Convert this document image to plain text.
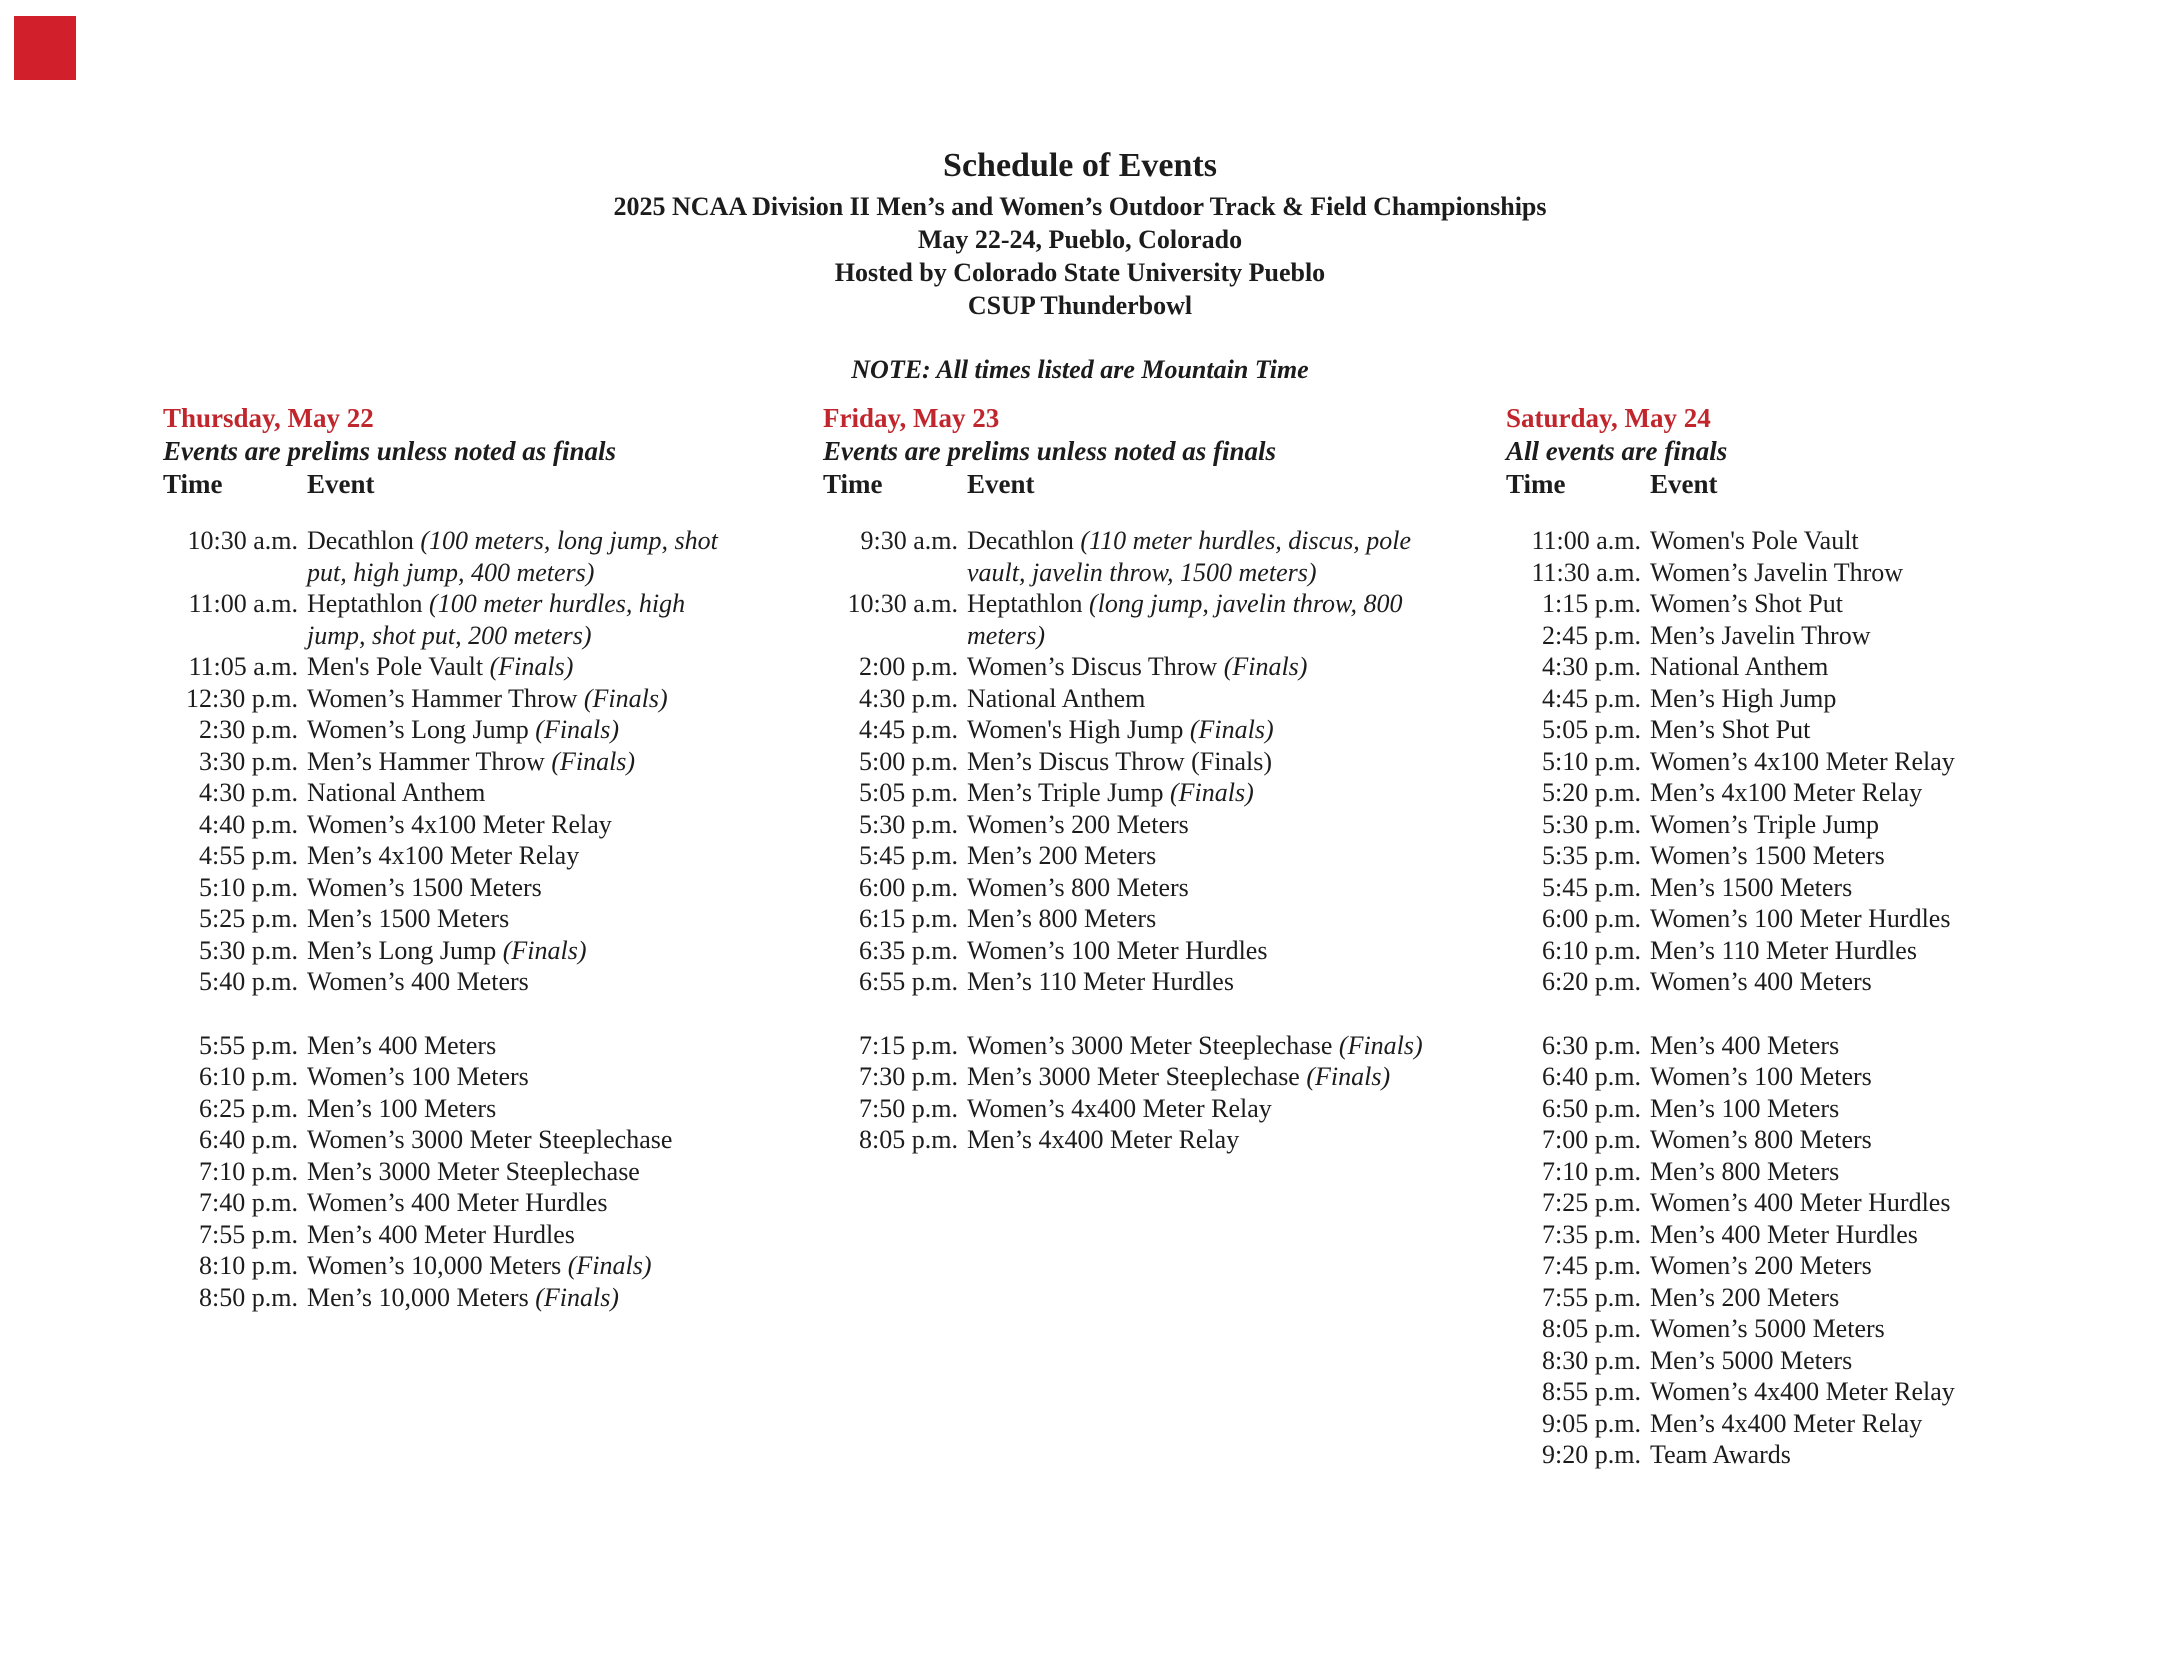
Schedule of Events
2025 NCAA Division II Men’s and Women’s Outdoor Track & Field Championships
May 22-24, Pueblo, Colorado
Hosted by Colorado State University Pueblo
CSUP Thunderbowl
NOTE: All times listed are Mountain Time
Thursday, May 22
Events are prelims unless noted as finals
Time	Event
10:30 a.m. Decathlon (100 meters, long jump, shot put, high jump, 400 meters)
11:00 a.m. Heptathlon (100 meter hurdles, high jump, shot put, 200 meters)
11:05 a.m. Men's Pole Vault (Finals)
12:30 p.m. Women’s Hammer Throw (Finals)
2:30 p.m. Women’s Long Jump (Finals)
3:30 p.m. Men’s Hammer Throw (Finals)
4:30 p.m. National Anthem
4:40 p.m. Women’s 4x100 Meter Relay
4:55 p.m. Men’s 4x100 Meter Relay
5:10 p.m. Women’s 1500 Meters
5:25 p.m. Men’s 1500 Meters
5:30 p.m. Men’s Long Jump (Finals)
5:40 p.m. Women’s 400 Meters
5:55 p.m. Men’s 400 Meters
6:10 p.m. Women’s 100 Meters
6:25 p.m. Men’s 100 Meters
6:40 p.m. Women’s 3000 Meter Steeplechase
7:10 p.m. Men’s 3000 Meter Steeplechase
7:40 p.m. Women’s 400 Meter Hurdles
7:55 p.m. Men’s 400 Meter Hurdles
8:10 p.m. Women’s 10,000 Meters (Finals)
8:50 p.m. Men’s 10,000 Meters (Finals)
Friday, May 23
Events are prelims unless noted as finals
Time	Event
9:30 a.m. Decathlon (110 meter hurdles, discus, pole vault, javelin throw, 1500 meters)
10:30 a.m. Heptathlon (long jump, javelin throw, 800 meters)
2:00 p.m. Women’s Discus Throw (Finals)
4:30 p.m. National Anthem
4:45 p.m. Women's High Jump (Finals)
5:00 p.m. Men’s Discus Throw (Finals)
5:05 p.m. Men’s Triple Jump (Finals)
5:30 p.m. Women’s 200 Meters
5:45 p.m. Men’s 200 Meters
6:00 p.m. Women’s 800 Meters
6:15 p.m. Men’s 800 Meters
6:35 p.m. Women’s 100 Meter Hurdles
6:55 p.m. Men’s 110 Meter Hurdles
7:15 p.m. Women’s 3000 Meter Steeplechase (Finals)
7:30 p.m. Men’s 3000 Meter Steeplechase (Finals)
7:50 p.m. Women’s 4x400 Meter Relay
8:05 p.m. Men’s 4x400 Meter Relay
Saturday, May 24
All events are finals
Time	Event
11:00 a.m. Women's Pole Vault
11:30 a.m. Women’s Javelin Throw
1:15 p.m. Women’s Shot Put
2:45 p.m. Men’s Javelin Throw
4:30 p.m. National Anthem
4:45 p.m. Men’s High Jump
5:05 p.m. Men’s Shot Put
5:10 p.m. Women’s 4x100 Meter Relay
5:20 p.m. Men’s 4x100 Meter Relay
5:30 p.m. Women’s Triple Jump
5:35 p.m. Women’s 1500 Meters
5:45 p.m. Men’s 1500 Meters
6:00 p.m. Women’s 100 Meter Hurdles
6:10 p.m. Men’s 110 Meter Hurdles
6:20 p.m. Women’s 400 Meters
6:30 p.m. Men’s 400 Meters
6:40 p.m. Women’s 100 Meters
6:50 p.m. Men’s 100 Meters
7:00 p.m. Women’s 800 Meters
7:10 p.m. Men’s 800 Meters
7:25 p.m. Women’s 400 Meter Hurdles
7:35 p.m. Men’s 400 Meter Hurdles
7:45 p.m. Women’s 200 Meters
7:55 p.m. Men’s 200 Meters
8:05 p.m. Women’s 5000 Meters
8:30 p.m. Men’s 5000 Meters
8:55 p.m. Women’s 4x400 Meter Relay
9:05 p.m. Men’s 4x400 Meter Relay
9:20 p.m. Team Awards
